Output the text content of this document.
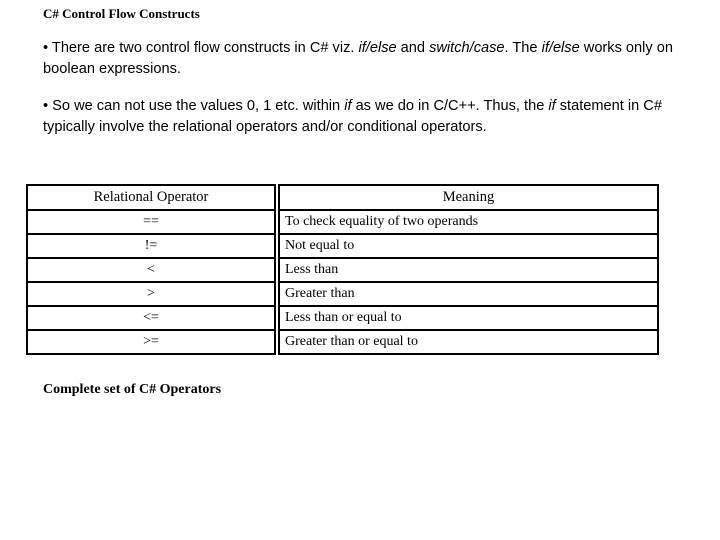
C# Control Flow Constructs
• There are two control flow constructs in C# viz. if/else and switch/case. The if/else works only on boolean expressions.
• So we can not use the values 0, 1 etc. within if as we do in C/C++. Thus, the if statement in C# typically involve the relational operators and/or conditional operators.
Relational Operator		Meaning
==		To check equality of two operands
!=		Not equal to
<		Less than
>		Greater than
<=		Less than or equal to
>=		Greater than or equal to
Complete set of C# Operators
